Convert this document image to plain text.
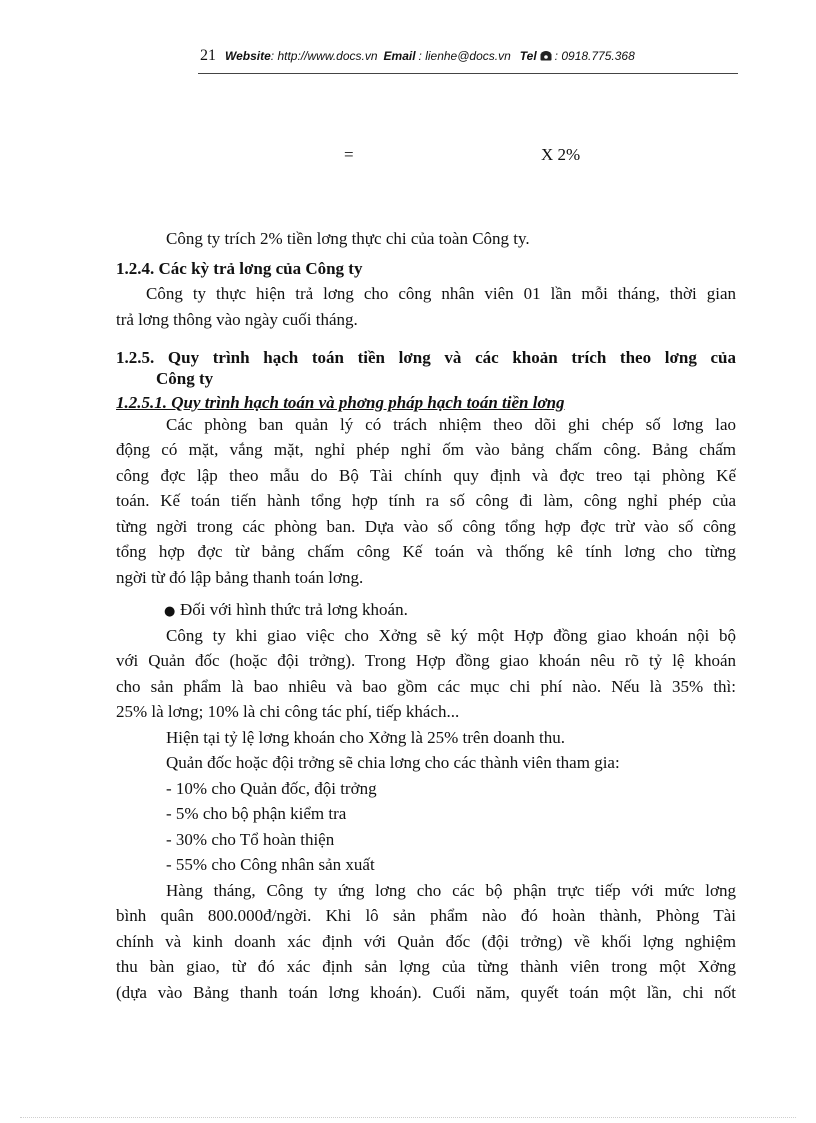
21 Website: http://www.docs.vn Email : lienhe@docs.vn Tel : 0918.775.368
=	X 2%
Công ty trích 2% tiền lơng thực chi của toàn Công ty.
1.2.4. Các kỳ trả lơng của Công ty
Công ty thực hiện trả lơng cho công nhân viên 01 lần mỗi tháng, thời gian
trả lơng thông vào ngày cuối tháng.
1.2.5. Quy trình hạch toán tiền lơng và các khoản trích theo lơng của
Công ty
1.2.5.1. Quy trình hạch toán và phơng pháp hạch toán tiền lơng
Các phòng ban quản lý có trách nhiệm theo dõi ghi chép số lơng lao
động có mặt, vắng mặt, nghỉ phép nghỉ ốm vào bảng chấm công. Bảng chấm
công đợc lập theo mẫu do Bộ Tài chính quy định và đợc treo tại phòng Kế
toán. Kế toán tiến hành tổng hợp tính ra số công đi làm, công nghỉ phép của
từng ngời trong các phòng ban. Dựa vào số công tổng hợp đợc trừ vào số công
tổng hợp đợc từ bảng chấm công Kế toán và thống kê tính lơng cho từng
ngời từ đó lập bảng thanh toán lơng.
● Đối với hình thức trả lơng khoán.
Công ty khi giao việc cho Xởng sẽ ký một Hợp đồng giao khoán nội bộ
với Quản đốc (hoặc đội trởng). Trong Hợp đồng giao khoán nêu rõ tỷ lệ khoán
cho sản phẩm là bao nhiêu và bao gồm các mục chi phí nào. Nếu là 35% thì:
25% là lơng; 10% là chi công tác phí, tiếp khách...
Hiện tại tỷ lệ lơng khoán cho Xởng là 25% trên doanh thu.
Quản đốc hoặc đội trởng sẽ chia lơng cho các thành viên tham gia:
- 10% cho Quản đốc, đội trởng
- 5% cho bộ phận kiểm tra
- 30% cho Tổ hoàn thiện
- 55% cho Công nhân sản xuất
Hàng tháng, Công ty ứng lơng cho các bộ phận trực tiếp với mức lơng
bình quân 800.000đ/ngời. Khi lô sản phẩm nào đó hoàn thành, Phòng Tài
chính và kinh doanh xác định với Quản đốc (đội trởng) về khối lợng nghiệm
thu bàn giao, từ đó xác định sản lợng của từng thành viên trong một Xởng
(dựa vào Bảng thanh toán lơng khoán). Cuối năm, quyết toán một lần, chi nốt
